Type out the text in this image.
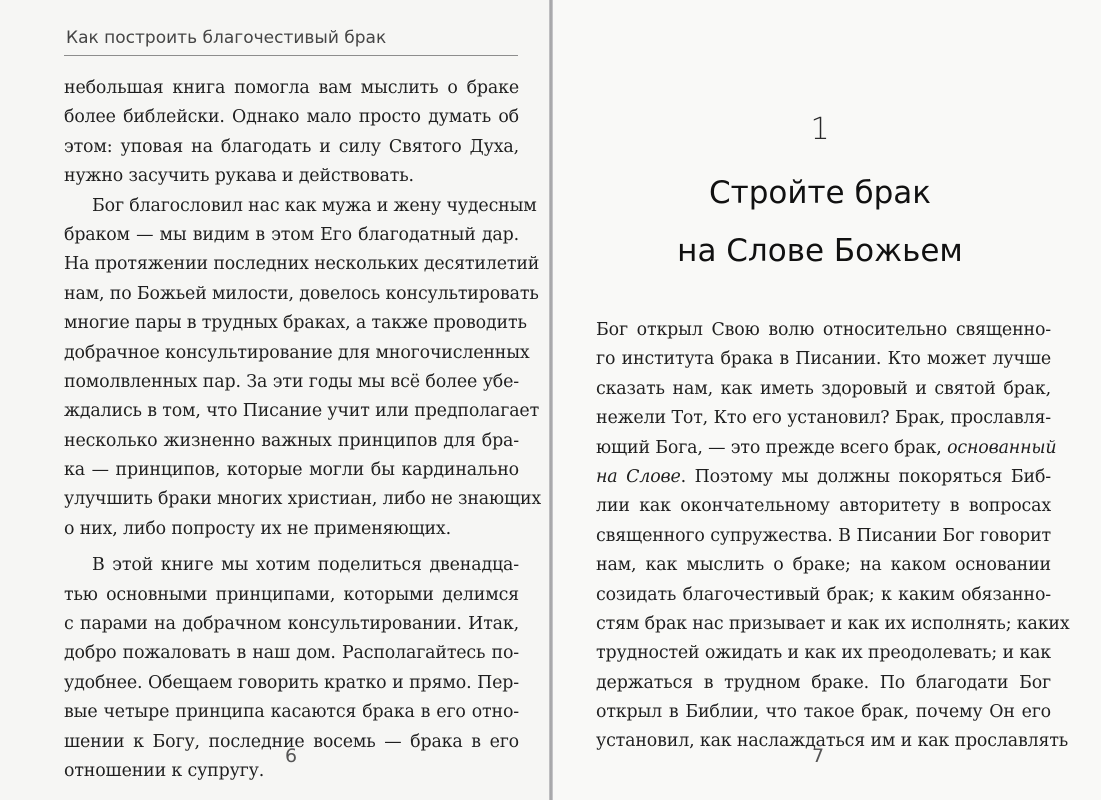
Как построить благочестивый брак
небольшая книга помогла вам мыслить о браке
более библейски. Однако мало просто думать об
этом: уповая на благодать и силу Святого Духа,
нужно засучить рукава и действовать.
Бог благословил нас как мужа и жену чудесным
браком — мы видим в этом Его благодатный дар.
На протяжении последних нескольких десятилетий
нам, по Божьей милости, довелось консультировать
многие пары в трудных браках, а также проводить
добрачное консультирование для многочисленных
помолвленных пар. За эти годы мы всё более убе-
ждались в том, что Писание учит или предполагает
несколько жизненно важных принципов для бра-
ка — принципов, которые могли бы кардинально
улучшить браки многих христиан, либо не знающих
о них, либо попросту их не применяющих.
В этой книге мы хотим поделиться двенадца-
тью основными принципами, которыми делимся
с парами на добрачном консультировании. Итак,
добро пожаловать в наш дом. Располагайтесь по-
удобнее. Обещаем говорить кратко и прямо. Пер-
вые четыре принципа касаются брака в его отно-
шении к Богу, последние восемь — брака в его
отношении к супругу.
6
1
Стройте брак
на Слове Божьем
Бог открыл Свою волю относительно священно-
го института брака в Писании. Кто может лучше
сказать нам, как иметь здоровый и святой брак,
нежели Тот, Кто его установил? Брак, прославля-
ющий Бога, — это прежде всего брак, основанный
на Слове. Поэтому мы должны покоряться Биб-
лии как окончательному авторитету в вопросах
священного супружества. В Писании Бог говорит
нам, как мыслить о браке; на каком основании
созидать благочестивый брак; к каким обязанно-
стям брак нас призывает и как их исполнять; каких
трудностей ожидать и как их преодолевать; и как
держаться в трудном браке. По благодати Бог
открыл в Библии, что такое брак, почему Он его
установил, как наслаждаться им и как прославлять
7
